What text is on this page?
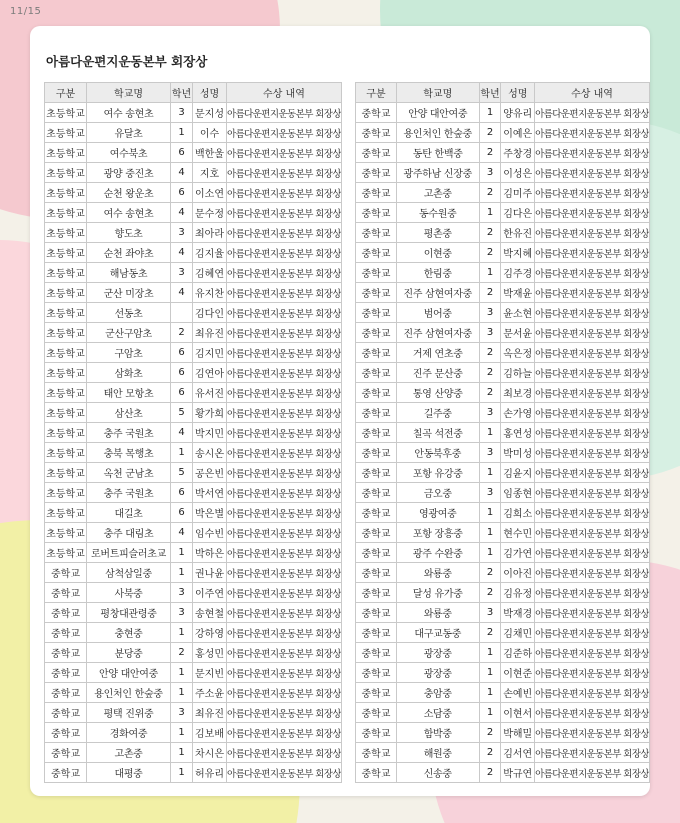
11/15
아름다운편지운동본부 회장상
구분	학교명	학년	성명	수상 내역
초등학교	여수 송현초	3	문지성	아름다운편지운동본부 회장상
초등학교	유달초	1	이수	아름다운편지운동본부 회장상
초등학교	여수북초	6	백한울	아름다운편지운동본부 회장상
초등학교	광양 중진초	4	지호	아름다운편지운동본부 회장상
초등학교	순천 왕운초	6	이소연	아름다운편지운동본부 회장상
초등학교	여수 송현초	4	문수정	아름다운편지운동본부 회장상
초등학교	향도초	3	최아라	아름다운편지운동본부 회장상
초등학교	순천 좌야초	4	김지율	아름다운편지운동본부 회장상
초등학교	해남동초	3	김혜연	아름다운편지운동본부 회장상
초등학교	군산 미장초	4	유지찬	아름다운편지운동본부 회장상
초등학교	선동초		김다인	아름다운편지운동본부 회장상
초등학교	군산구암초	2	최유진	아름다운편지운동본부 회장상
초등학교	구암초	6	김지민	아름다운편지운동본부 회장상
초등학교	삼화초	6	김연아	아름다운편지운동본부 회장상
초등학교	태안 모항초	6	유서진	아름다운편지운동본부 회장상
초등학교	삼산초	5	황가희	아름다운편지운동본부 회장상
초등학교	충주 국원초	4	박지민	아름다운편지운동본부 회장상
초등학교	충북 목행초	1	송시온	아름다운편지운동본부 회장상
초등학교	옥천 군남초	5	공은빈	아름다운편지운동본부 회장상
초등학교	충주 국원초	6	박서연	아름다운편지운동본부 회장상
초등학교	대길초	6	박은별	아름다운편지운동본부 회장상
초등학교	충주 대림초	4	임수빈	아름다운편지운동본부 회장상
초등학교	로버트피슬러초교	1	박하은	아름다운편지운동본부 회장상
중학교	삼척삼일중	1	권나윤	아름다운편지운동본부 회장상
중학교	사북중	3	이주연	아름다운편지운동본부 회장상
중학교	평창대관령중	3	송현철	아름다운편지운동본부 회장상
중학교	충현중	1	강하영	아름다운편지운동본부 회장상
중학교	분당중	2	홍성민	아름다운편지운동본부 회장상
중학교	안양 대안여중	1	문지빈	아름다운편지운동본부 회장상
중학교	용인처인 한숲중	1	주소윤	아름다운편지운동본부 회장상
중학교	평택 진위중	3	최유진	아름다운편지운동본부 회장상
중학교	경화여중	1	김보배	아름다운편지운동본부 회장상
중학교	고촌중	1	차시은	아름다운편지운동본부 회장상
중학교	대평중	1	허유리	아름다운편지운동본부 회장상
구분	학교명	학년	성명	수상 내역
중학교	안양 대안여중	1	양유리	아름다운편지운동본부 회장상
중학교	용인처인 한숲중	2	이예은	아름다운편지운동본부 회장상
중학교	동탄 한백중	2	주창경	아름다운편지운동본부 회장상
중학교	광주하남 신장중	3	이성은	아름다운편지운동본부 회장상
중학교	고촌중	2	김미주	아름다운편지운동본부 회장상
중학교	동수원중	1	김다은	아름다운편지운동본부 회장상
중학교	평촌중	2	한유진	아름다운편지운동본부 회장상
중학교	이현중	2	박지혜	아름다운편지운동본부 회장상
중학교	한림중	1	김주경	아름다운편지운동본부 회장상
중학교	진주 삼현여자중	2	박재윤	아름다운편지운동본부 회장상
중학교	범어중	3	윤소현	아름다운편지운동본부 회장상
중학교	진주 삼현여자중	3	문서윤	아름다운편지운동본부 회장상
중학교	거제 연초중	2	옥은정	아름다운편지운동본부 회장상
중학교	진주 문산중	2	김하늘	아름다운편지운동본부 회장상
중학교	통영 산양중	2	최보경	아름다운편지운동본부 회장상
중학교	길주중	3	손가영	아름다운편지운동본부 회장상
중학교	칠곡 석전중	1	홍연성	아름다운편지운동본부 회장상
중학교	안동북후중	3	박미성	아름다운편지운동본부 회장상
중학교	포항 유강중	1	김윤지	아름다운편지운동본부 회장상
중학교	금오중	3	임종현	아름다운편지운동본부 회장상
중학교	영광여중	1	김희소	아름다운편지운동본부 회장상
중학교	포항 장흥중	1	현수민	아름다운편지운동본부 회장상
중학교	광주 수완중	1	김가연	아름다운편지운동본부 회장상
중학교	와룡중	2	이아진	아름다운편지운동본부 회장상
중학교	달성 유가중	2	김유정	아름다운편지운동본부 회장상
중학교	와룡중	3	박재경	아름다운편지운동본부 회장상
중학교	대구교동중	2	김채민	아름다운편지운동본부 회장상
중학교	광장중	1	김준하	아름다운편지운동본부 회장상
중학교	광장중	1	이현준	아름다운편지운동본부 회장상
중학교	충암중	1	손예빈	아름다운편지운동본부 회장상
중학교	소담중	1	이현서	아름다운편지운동본부 회장상
중학교	함박중	2	박해밀	아름다운편지운동본부 회장상
중학교	해원중	2	김서연	아름다운편지운동본부 회장상
중학교	신송중	2	박규연	아름다운편지운동본부 회장상
